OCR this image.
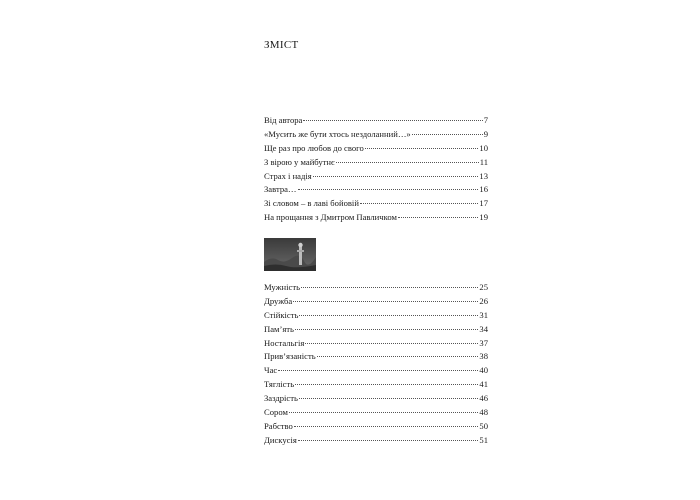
ЗМІСТ
Від автора	7
«Мусить же бути хтось нездоланний…»	9
Ще раз про любов до свого	10
З вірою у майбутнє	11
Страх і надія	13
Завтра…	16
Зі словом – в лаві бойовій	17
На прощання з Дмитром Павличком	19
Мужність	25
Дружба	26
Стійкість	31
Пам’ять	34
Ностальгія	37
Прив’язаність	38
Час	40
Тяглість	41
Заздрість	46
Сором	48
Рабство	50
Дискусія	51
